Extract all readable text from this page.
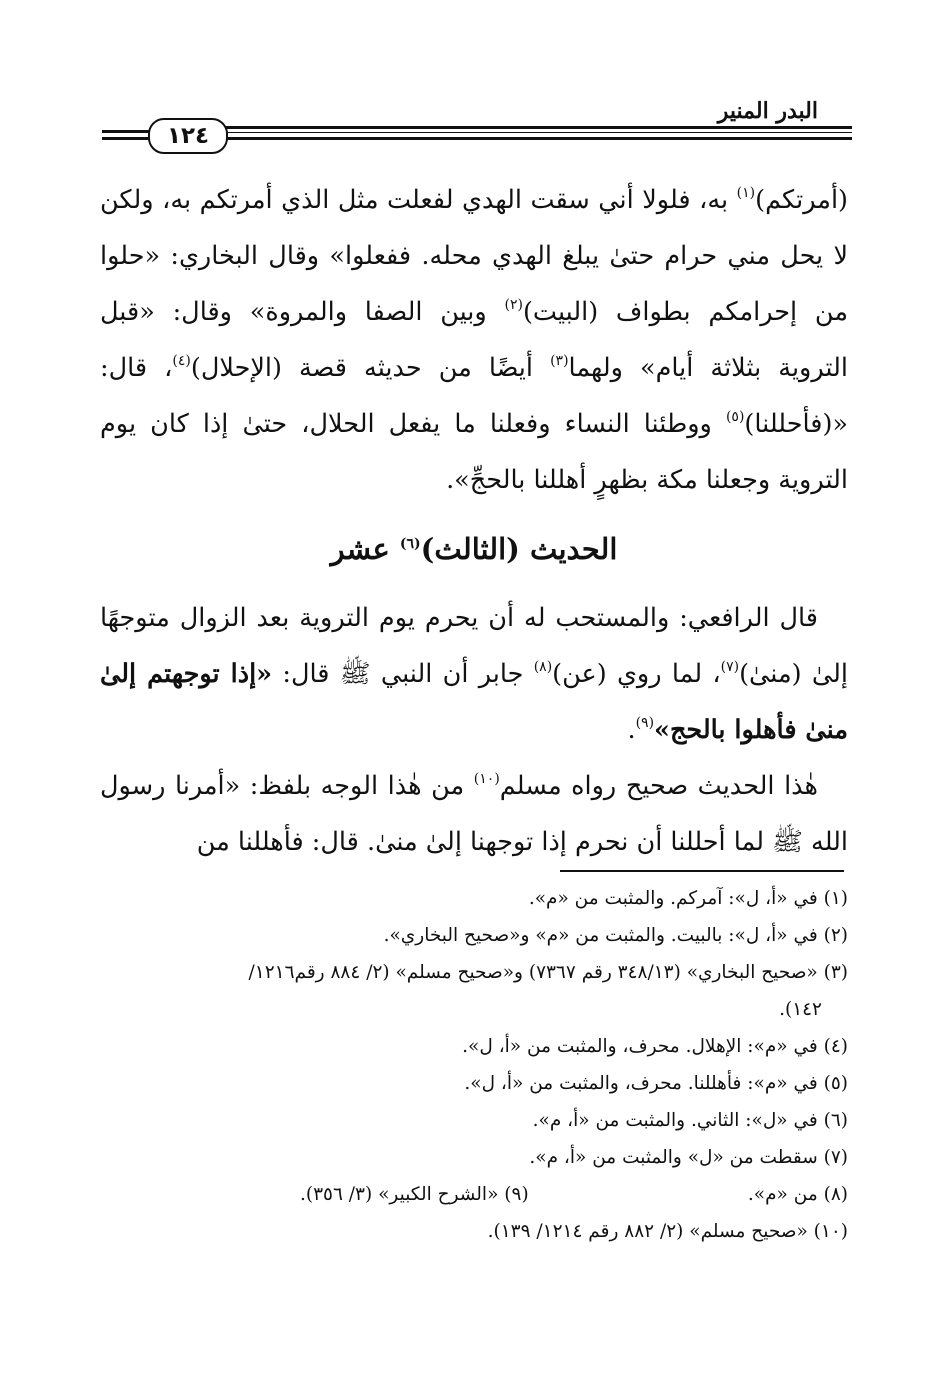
البدر المنير
١٢٤

(أمرتكم)$^{(١)}$ به، فلولا أني سقت الهدي لفعلت مثل الذي أمرتكم به، ولكن لا يحل مني حرام حتىٰ يبلغ الهدي محله. ففعلوا» وقال البخاري: «حلوا من إحرامكم بطواف (البيت)$^{(٢)}$ وبين الصفا والمروة» وقال: «قبل التروية بثلاثة أيام» ولهما$^{(٣)}$ أيضًا من حديثه قصة (الإحلال)$^{(٤)}$، قال: «(فأحللنا)$^{(٥)}$ ووطئنا النساء وفعلنا ما يفعل الحلال، حتىٰ إذا كان يوم التروية وجعلنا مكة بظهرٍ أهللنا بالحجِّ».

الحديث (الثالث)$^{(٦)}$ عشر

قال الرافعي: والمستحب له أن يحرم يوم التروية بعد الزوال متوجهًا إلىٰ (منىٰ)$^{(٧)}$، لما روي (عن)$^{(٨)}$ جابر أن النبي ﷺ قال: «إذا توجهتم إلىٰ منىٰ فأهلوا بالحج»$^{(٩)}$.

هٰذا الحديث صحيح رواه مسلم$^{(١٠)}$ من هٰذا الوجه بلفظ: «أمرنا رسول الله ﷺ لما أحللنا أن نحرم إذا توجهنا إلىٰ منىٰ. قال: فأهللنا من

(١) في «أ، ل»: آمركم. والمثبت من «م».
(٢) في «أ، ل»: بالبيت. والمثبت من «م» و«صحيح البخاري».
(٣) «صحيح البخاري» (٣٤٨/١٣ رقم ٧٣٦٧) و«صحيح مسلم» (٢/ ٨٨٤ رقم١٢١٦/
١٤٢).
(٤) في «م»: الإهلال. محرف، والمثبت من «أ، ل».
(٥) في «م»: فأهللنا. محرف، والمثبت من «أ، ل».
(٦) في «ل»: الثاني. والمثبت من «أ، م».
(٧) سقطت من «ل» والمثبت من «أ، م».
(٨) من «م».
(٩) «الشرح الكبير» (٣/ ٣٥٦).
(١٠) «صحيح مسلم» (٢/ ٨٨٢ رقم ١٢١٤/ ١٣٩).
